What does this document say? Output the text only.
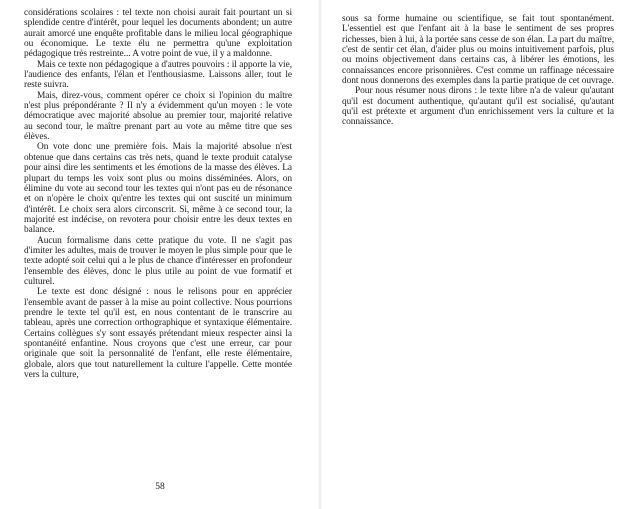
considérations scolaires : tel texte non choisi aurait fait pourtant un si splendide centre d'intérêt, pour lequel les documents abondent; un autre aurait amorcé une enquête profitable dans le milieu local géographique ou économique. Le texte élu ne permettra qu'une exploitation pédagogique très restreinte... A votre point de vue, il y a maldonne.

Mais ce texte non pédagogique a d'autres pouvoirs : il apporte la vie, l'audience des enfants, l'élan et l'enthousiasme. Laissons aller, tout le reste suivra.

Mais, direz-vous, comment opérer ce choix si l'opinion du maître n'est plus prépondérante ? Il n'y a évidemment qu'un moyen : le vote démocratique avec majorité absolue au premier tour, majorité relative au second tour, le maître prenant part au vote au même titre que ses élèves.

On vote donc une première fois. Mais la majorité absolue n'est obtenue que dans certains cas très nets, quand le texte produit catalyse pour ainsi dire les sentiments et les émotions de la masse des élèves. La plupart du temps les voix sont plus ou moins disséminées. Alors, on élimine du vote au second tour les textes qui n'ont pas eu de résonance et on n'opère le choix qu'entre les textes qui ont suscité un minimum d'intérêt. Le choix sera alors circonscrit. Si, même à ce second tour, la majorité est indécise, on revotera pour choisir entre les deux textes en balance.

Aucun formalisme dans cette pratique du vote. Il ne s'agit pas d'imiter les adultes, mais de trouver le moyen le plus simple pour que le texte adopté soit celui qui a le plus de chance d'intéresser en profondeur l'ensemble des élèves, donc le plus utile au point de vue formatif et culturel.

Le texte est donc désigné : nous le relisons pour en apprécier l'ensemble avant de passer à la mise au point collective. Nous pourrions prendre le texte tel qu'il est, en nous contentant de le transcrire au tableau, après une correction orthographique et syntaxique élémentaire. Certains collègues s'y sont essayés prétendant mieux respecter ainsi la spontanéité enfantine. Nous croyons que c'est une erreur, car pour originale que soit la personnalité de l'enfant, elle reste élémentaire, globale, alors que tout naturellement la culture l'appelle. Cette montée vers la culture,

58

sous sa forme humaine ou scientifique, se fait tout spontanément. L'essentiel est que l'enfant ait à la base le sentiment de ses propres richesses, bien à lui, à la portée sans cesse de son élan. La part du maître, c'est de sentir cet élan, d'aider plus ou moins intuitivement parfois, plus ou moins objectivement dans certains cas, à libérer les émotions, les connaissances encore prisonnières. C'est comme un raffinage nécessaire dont nous donnerons des exemples dans la partie pratique de cet ouvrage.

Pour nous résumer nous dirons : le texte libre n'a de valeur qu'autant qu'il est document authentique, qu'autant qu'il est socialisé, qu'autant qu'il est prétexte et argument d'un enrichissement vers la culture et la connaissance.
